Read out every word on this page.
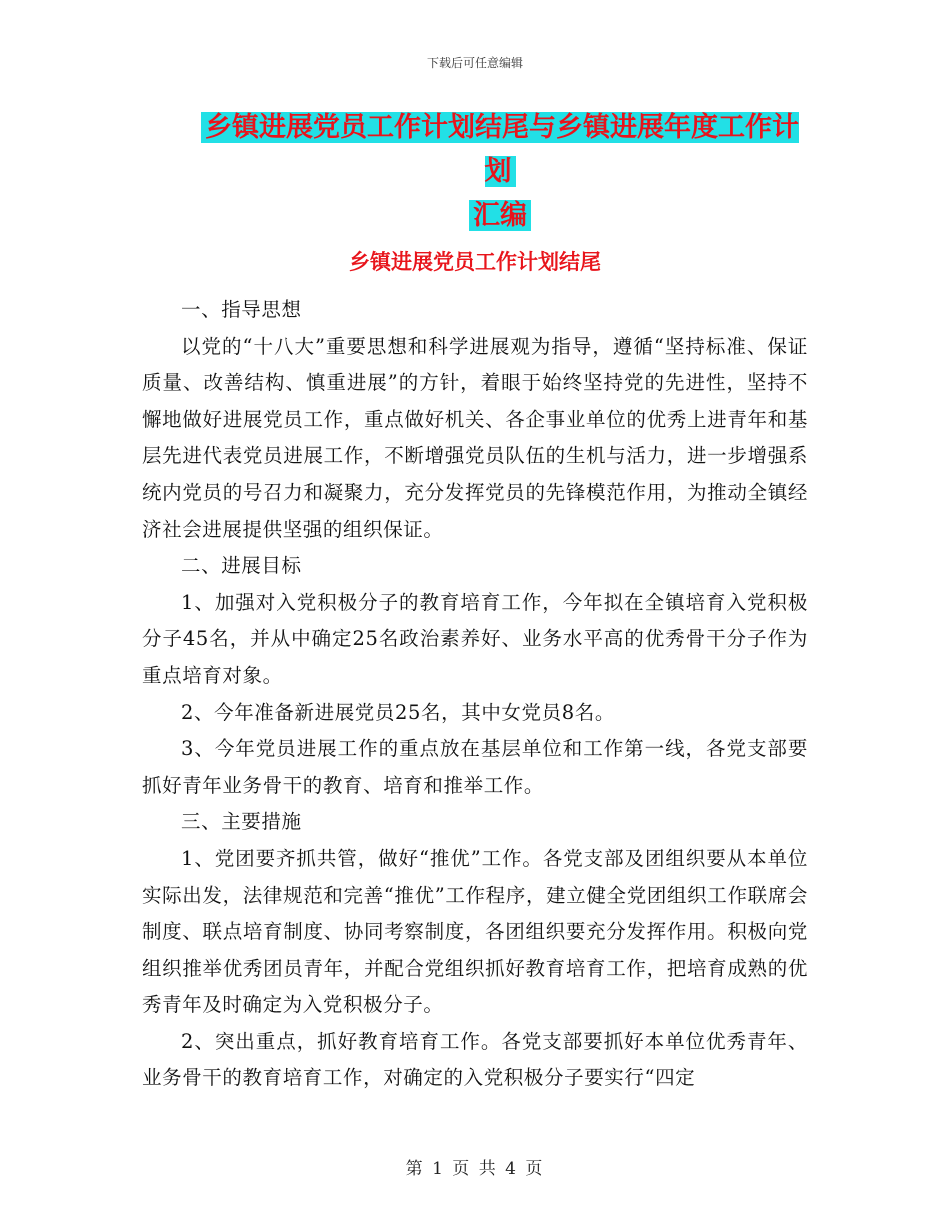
下载后可任意编辑
乡镇进展党员工作计划结尾与乡镇进展年度工作计划
汇编
乡镇进展党员工作计划结尾

一、指导思想

以党的“十八大”重要思想和科学进展观为指导，遵循“坚持标准、保证质量、改善结构、慎重进展”的方针，着眼于始终坚持党的先进性，坚持不懈地做好进展党员工作，重点做好机关、各企事业单位的优秀上进青年和基层先进代表党员进展工作，不断增强党员队伍的生机与活力，进一步增强系统内党员的号召力和凝聚力，充分发挥党员的先锋模范作用，为推动全镇经济社会进展提供坚强的组织保证。

二、进展目标

1、加强对入党积极分子的教育培育工作，今年拟在全镇培育入党积极分子45名，并从中确定25名政治素养好、业务水平高的优秀骨干分子作为重点培育对象。

2、今年准备新进展党员25名，其中女党员8名。

3、今年党员进展工作的重点放在基层单位和工作第一线，各党支部要抓好青年业务骨干的教育、培育和推举工作。

三、主要措施

1、党团要齐抓共管，做好“推优”工作。各党支部及团组织要从本单位实际出发，法律规范和完善“推优”工作程序，建立健全党团组织工作联席会制度、联点培育制度、协同考察制度，各团组织要充分发挥作用。积极向党组织推举优秀团员青年，并配合党组织抓好教育培育工作，把培育成熟的优秀青年及时确定为入党积极分子。

2、突出重点，抓好教育培育工作。各党支部要抓好本单位优秀青年、业务骨干的教育培育工作，对确定的入党积极分子要实行“四定

第 1 页 共 4 页
